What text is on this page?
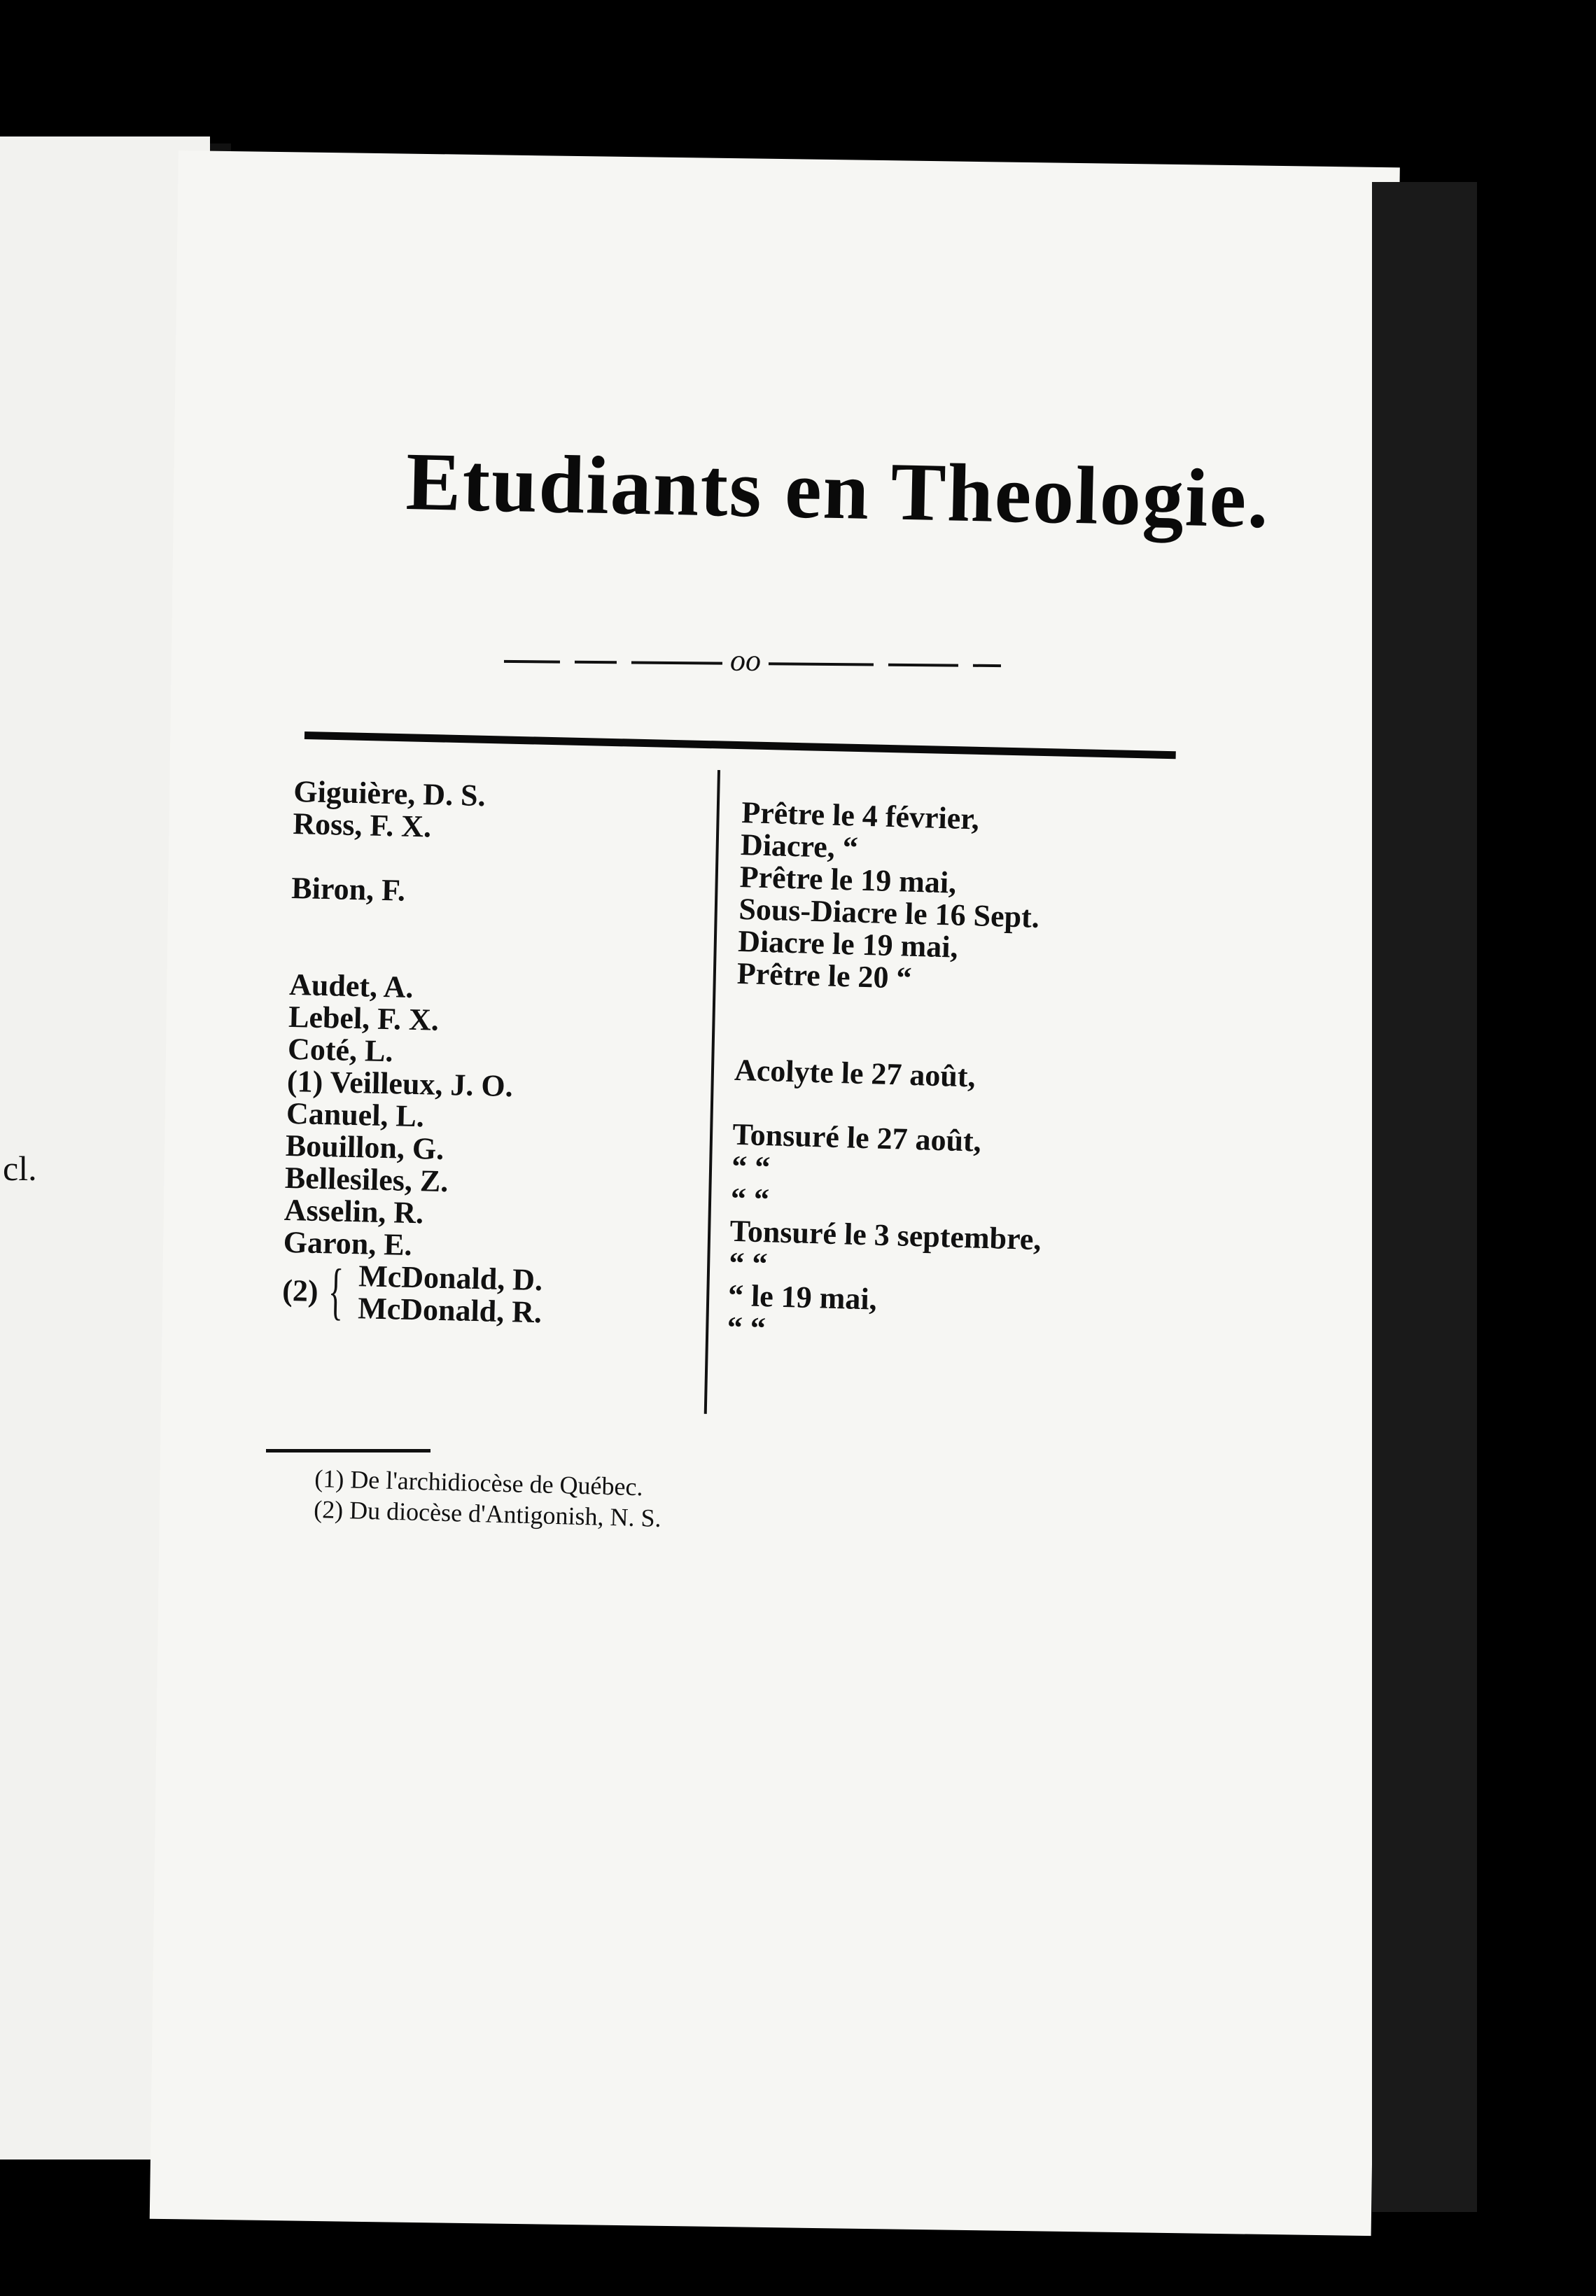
cl.
Etudiants en Theologie.
oo
Giguière, D. S.
Ross, F. X.
Biron, F.
Audet, A.
Lebel, F. X.
Coté, L.
(1) Veilleux, J. O.
Canuel, L.
Bouillon, G.
Bellesiles, Z.
Asselin, R.
Garon, E.
(2) { McDonald, D.
McDonald, R.
Prêtre le 4 février,
Diacre, “
Prêtre le 19 mai,
Sous-Diacre le 16 Sept.
Diacre le 19 mai,
Prêtre le 20 “
Acolyte le 27 août,
Tonsuré le 27 août,
“ “
“ “
Tonsuré le 3 septembre,
“ “
“ le 19 mai,
“ “
(1) De l'archidiocèse de Québec.
(2) Du diocèse d'Antigonish, N. S.
